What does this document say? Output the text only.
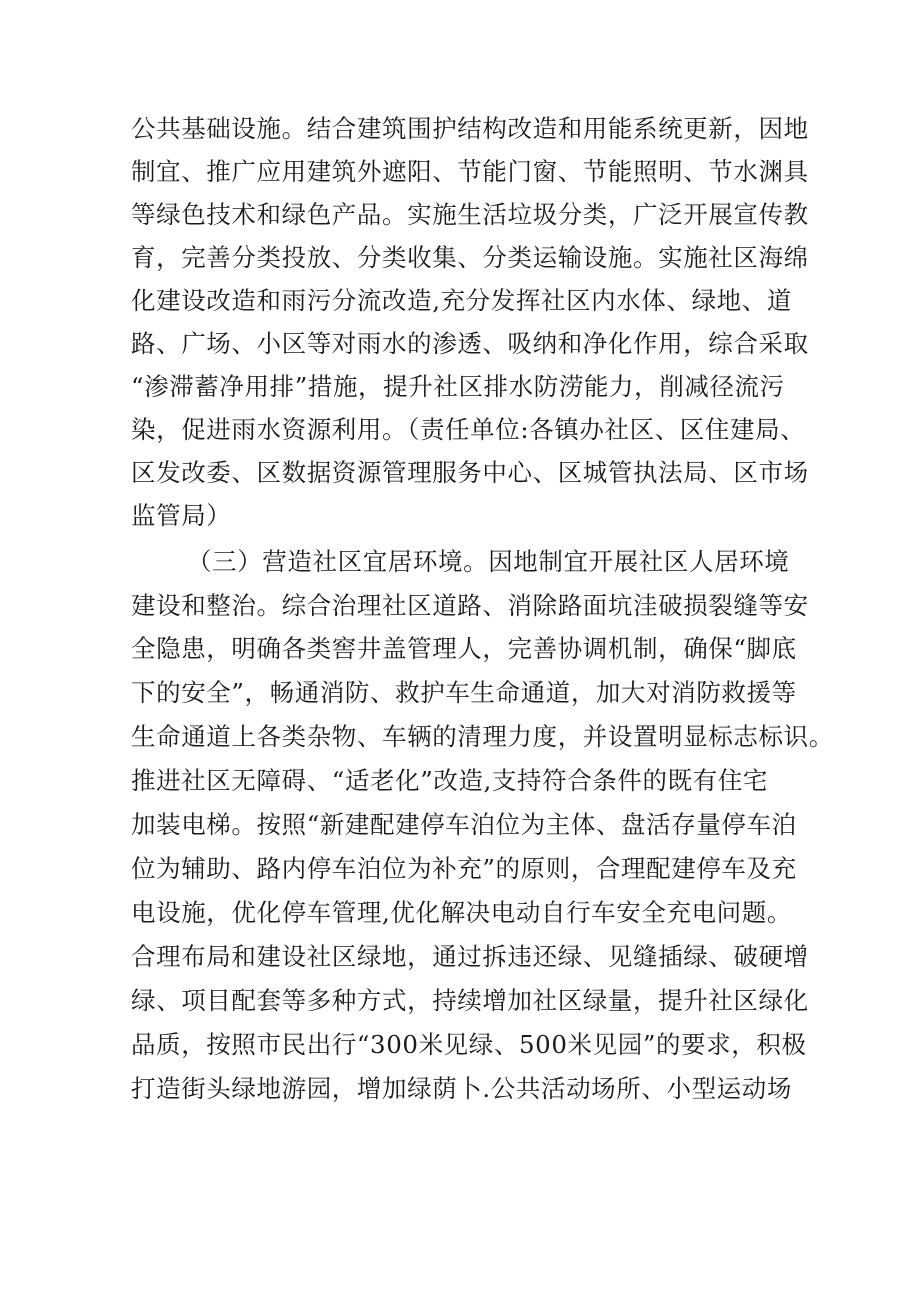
公共基础设施。结合建筑围护结构改造和用能系统更新，因地
制宜、推广应用建筑外遮阳、节能门窗、节能照明、节水渊具
等绿色技术和绿色产品。实施生活垃圾分类，广泛开展宣传教
育，完善分类投放、分类收集、分类运输设施。实施社区海绵
化建设改造和雨污分流改造,充分发挥社区内水体、绿地、道
路、广场、小区等对雨水的渗透、吸纳和净化作用，综合采取
“渗滞蓄净用排”措施，提升社区排水防涝能力，削减径流污
染，促进雨水资源利用。（责任单位:各镇办社区、区住建局、
区发改委、区数据资源管理服务中心、区城管执法局、区市场
监管局）
（三）营造社区宜居环境。因地制宜开展社区人居环境
建设和整治。综合治理社区道路、消除路面坑洼破损裂缝等安
全隐患，明确各类窖井盖管理人，完善协调机制，确保“脚底
下的安全”，畅通消防、救护车生命通道，加大对消防救援等
生命通道上各类杂物、车辆的清理力度，并设置明显标志标识。
推进社区无障碍、“适老化”改造,支持符合条件的既有住宅
加装电梯。按照“新建配建停车泊位为主体、盘活存量停车泊
位为辅助、路内停车泊位为补充”的原则，合理配建停车及充
电设施，优化停车管理,优化解决电动自行车安全充电问题。
合理布局和建设社区绿地，通过拆违还绿、见缝插绿、破硬增
绿、项目配套等多种方式，持续增加社区绿量，提升社区绿化
品质，按照市民出行“300米见绿、500米见园”的要求，积极
打造街头绿地游园，增加绿荫卜.公共活动场所、小型运动场
